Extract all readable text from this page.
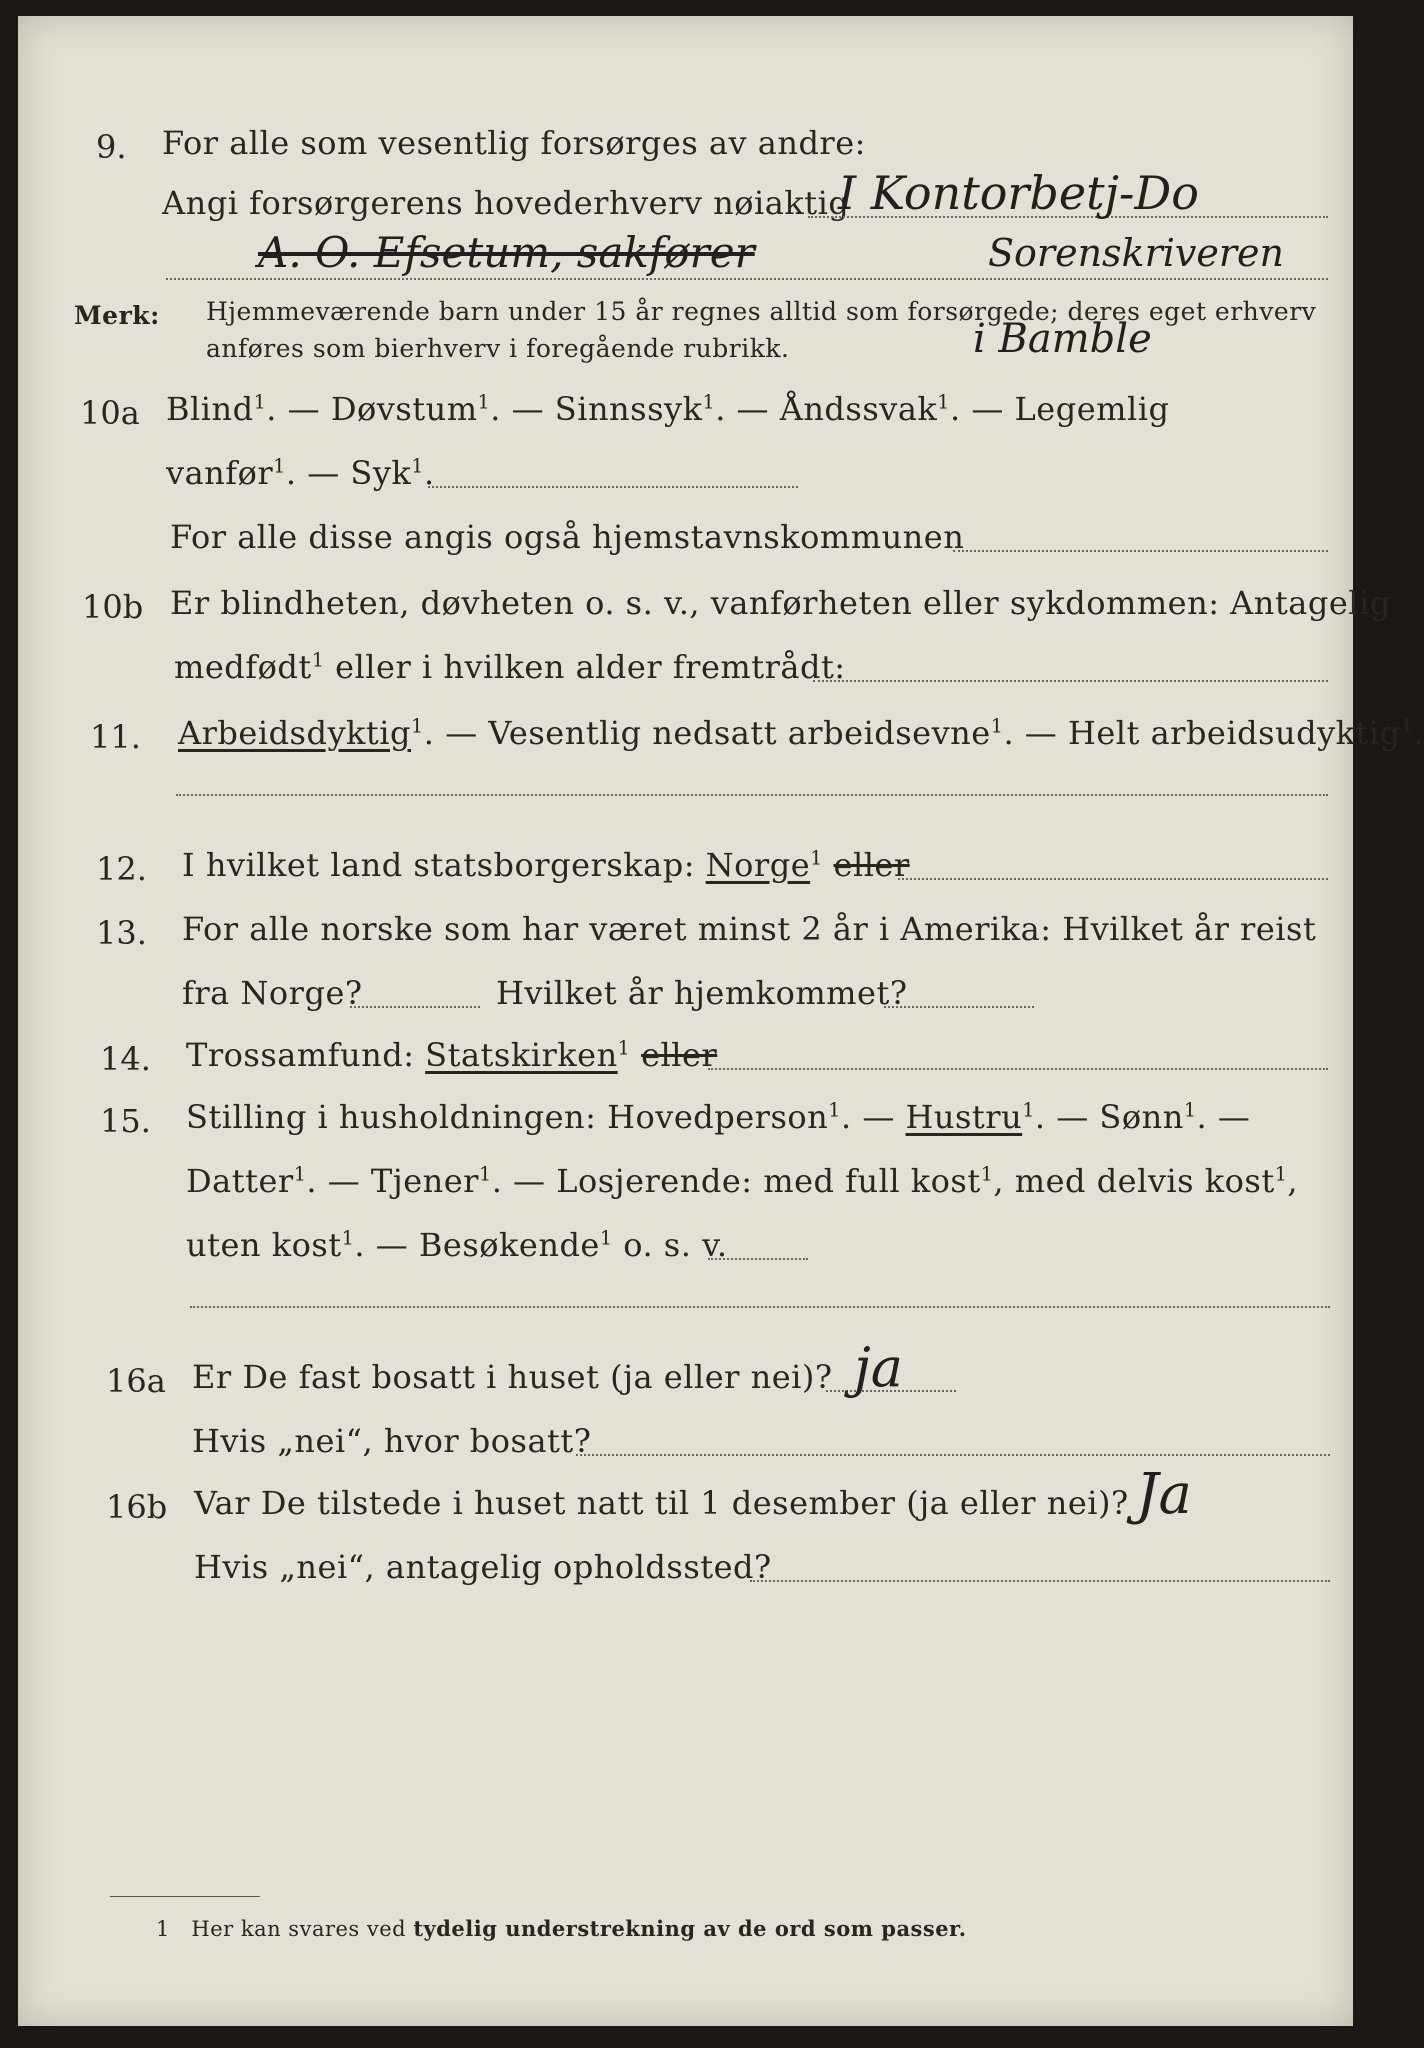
9. For alle som vesentlig forsørges av andre:
Angi forsørgerens hovederhverv nøiaktig
I Kontorbetj-Do
A. O. Efsetum, sakfører	Sorenskriveren
Merk: Hjemmeværende barn under 15 år regnes alltid som forsørgede; deres eget erhverv
anføres som bierhverv i foregående rubrikk.	i Bamble
10a Blind$^1$. — Døvstum$^1$. — Sinnssyk$^1$. — Åndssvak$^1$. — Legemlig
vanfør$^1$. — Syk$^1$.
For alle disse angis også hjemstavnskommunen
10b Er blindheten, døvheten o. s. v., vanførheten eller sykdommen: Antagelig
medfødt$^1$ eller i hvilken alder fremtrådt:
11. Arbeidsdyktig$^1$. — Vesentlig nedsatt arbeidsevne$^1$. — Helt arbeidsudyktig$^1$.
12. I hvilket land statsborgerskap: Norge$^1$ eller
13. For alle norske som har været minst 2 år i Amerika: Hvilket år reist
fra Norge?	Hvilket år hjemkommet?
14. Trossamfund: Statskirken$^1$ eller
15. Stilling i husholdningen: Hovedperson$^1$. — Hustru$^1$. — Sønn$^1$. —
Datter$^1$. — Tjener$^1$. — Losjerende: med full kost$^1$, med delvis kost$^1$,
uten kost$^1$. — Besøkende$^1$ o. s. v.
16a Er De fast bosatt i huset (ja eller nei)? ja
Hvis „nei“, hvor bosatt?
16b Var De tilstede i huset natt til 1 desember (ja eller nei)? Ja
Hvis „nei“, antagelig opholdssted?
1 Her kan svares ved tydelig understrekning av de ord som passer.
